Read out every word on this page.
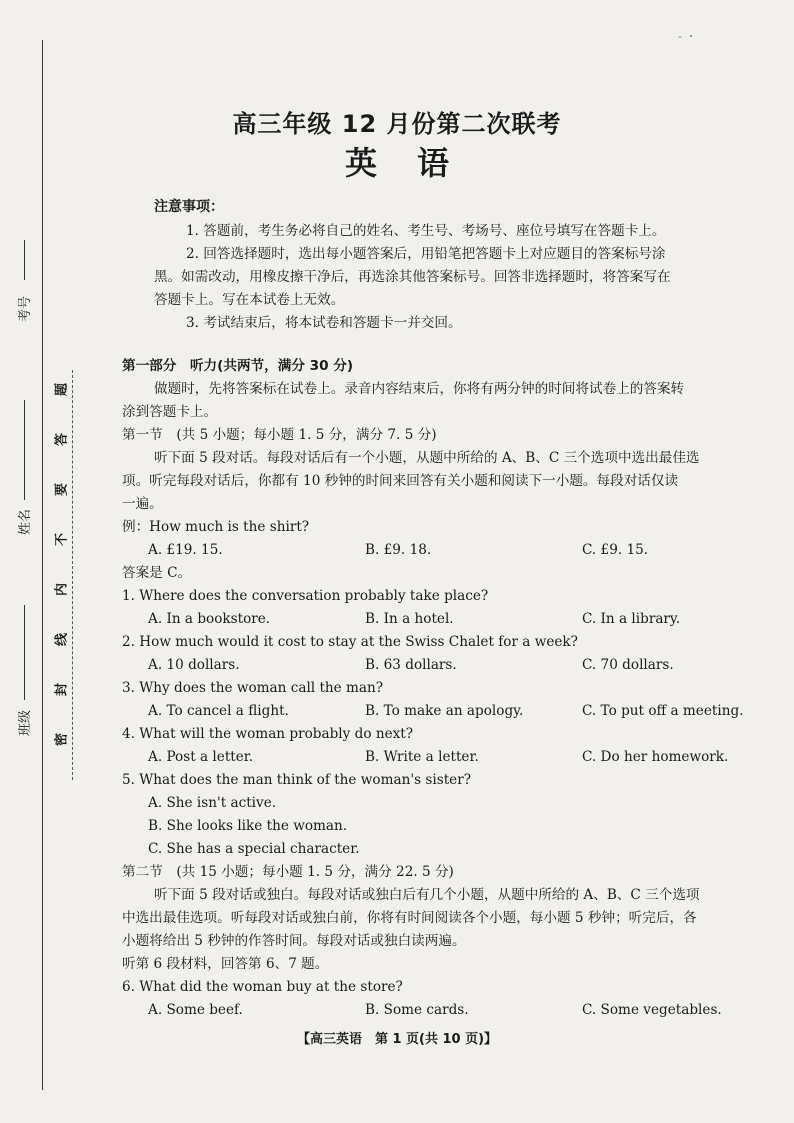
考号
姓名
班级
题
答
要
不
内
线
封
密
- ・
高三年级 12 月份第二次联考
英语
注意事项：
1. 答题前，考生务必将自己的姓名、考生号、考场号、座位号填写在答题卡上。
2. 回答选择题时，选出每小题答案后，用铅笔把答题卡上对应题目的答案标号涂
黑。如需改动，用橡皮擦干净后，再选涂其他答案标号。回答非选择题时，将答案写在
答题卡上。写在本试卷上无效。
3. 考试结束后，将本试卷和答题卡一并交回。
第一部分　听力(共两节，满分 30 分)
做题时，先将答案标在试卷上。录音内容结束后，你将有两分钟的时间将试卷上的答案转
涂到答题卡上。
第一节　(共 5 小题；每小题 1. 5 分，满分 7. 5 分)
听下面 5 段对话。每段对话后有一个小题，从题中所给的 A、B、C 三个选项中选出最佳选
项。听完每段对话后，你都有 10 秒钟的时间来回答有关小题和阅读下一小题。每段对话仅读
一遍。
例：How much is the shirt?
A. £19. 15.	B. £9. 18.	C. £9. 15.
答案是 C。
1. Where does the conversation probably take place?
A. In a bookstore.	B. In a hotel.	C. In a library.
2. How much would it cost to stay at the Swiss Chalet for a week?
A. 10 dollars.	B. 63 dollars.	C. 70 dollars.
3. Why does the woman call the man?
A. To cancel a flight.	B. To make an apology.	C. To put off a meeting.
4. What will the woman probably do next?
A. Post a letter.	B. Write a letter.	C. Do her homework.
5. What does the man think of the woman's sister?
A. She isn't active.
B. She looks like the woman.
C. She has a special character.
第二节　(共 15 小题；每小题 1. 5 分，满分 22. 5 分)
听下面 5 段对话或独白。每段对话或独白后有几个小题，从题中所给的 A、B、C 三个选项
中选出最佳选项。听每段对话或独白前，你将有时间阅读各个小题，每小题 5 秒钟；听完后，各
小题将给出 5 秒钟的作答时间。每段对话或独白读两遍。
听第 6 段材料，回答第 6、7 题。
6. What did the woman buy at the store?
A. Some beef.	B. Some cards.	C. Some vegetables.
【高三英语　第 1 页(共 10 页)】
